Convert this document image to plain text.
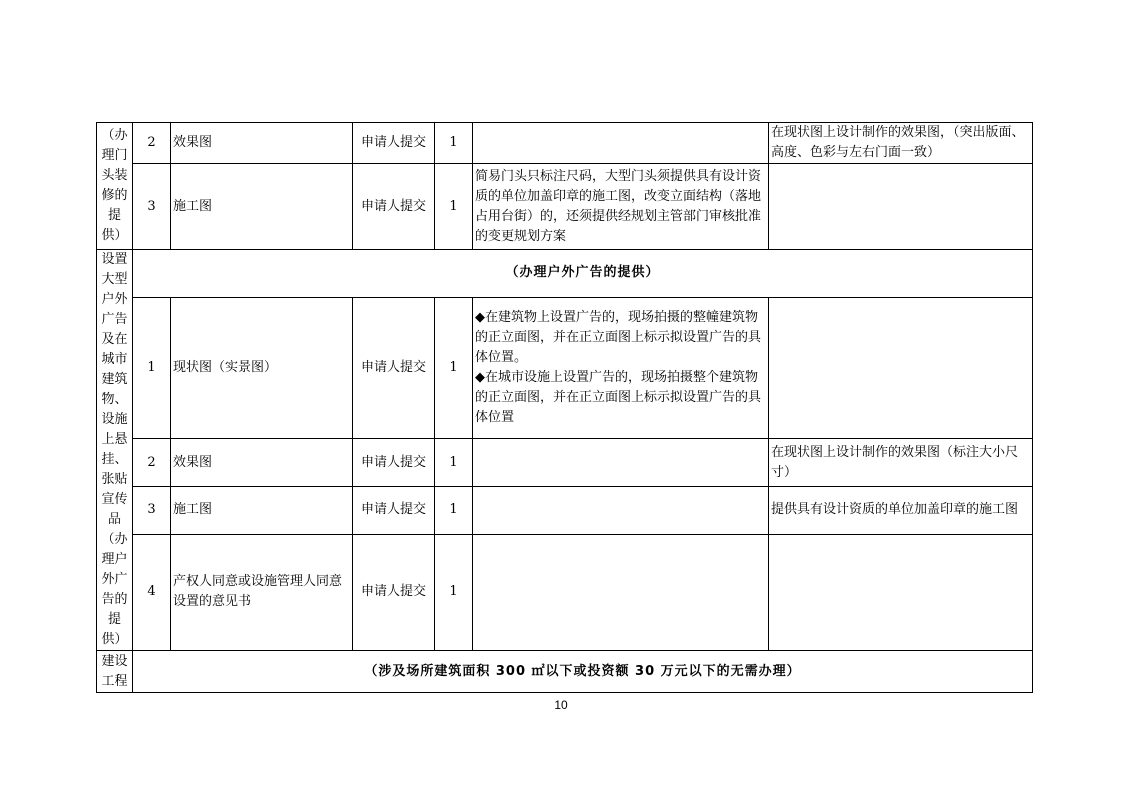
（办理门头装修的提供）	2	效果图	申请人提交	1		在现状图上设计制作的效果图，（突出版面、高度、色彩与左右门面一致）
	3	施工图	申请人提交	1	简易门头只标注尺码，大型门头须提供具有设计资质的单位加盖印章的施工图，改变立面结构（落地占用台街）的，还须提供经规划主管部门审核批准的变更规划方案	

设置大型户外广告及在城市建筑物、设施上悬挂、张贴宣传品（办理户外广告的提供）	（办理户外广告的提供）					
	1	现状图（实景图）	申请人提交	1	◆在建筑物上设置广告的，现场拍摄的整幢建筑物的正立面图，并在正立面图上标示拟设置广告的具体位置。
◆在城市设施上设置广告的，现场拍摄整个建筑物的正立面图，并在正立面图上标示拟设置广告的具体位置	

	2	效果图	申请人提交	1		在现状图上设计制作的效果图（标注大小尺寸）
	3	施工图	申请人提交	1		提供具有设计资质的单位加盖印章的施工图
	4	产权人同意或设施管理人同意设置的意见书	申请人提交	1		

建设工程	（涉及场所建筑面积 300 ㎡以下或投资额 30 万元以下的无需办理）					
10
